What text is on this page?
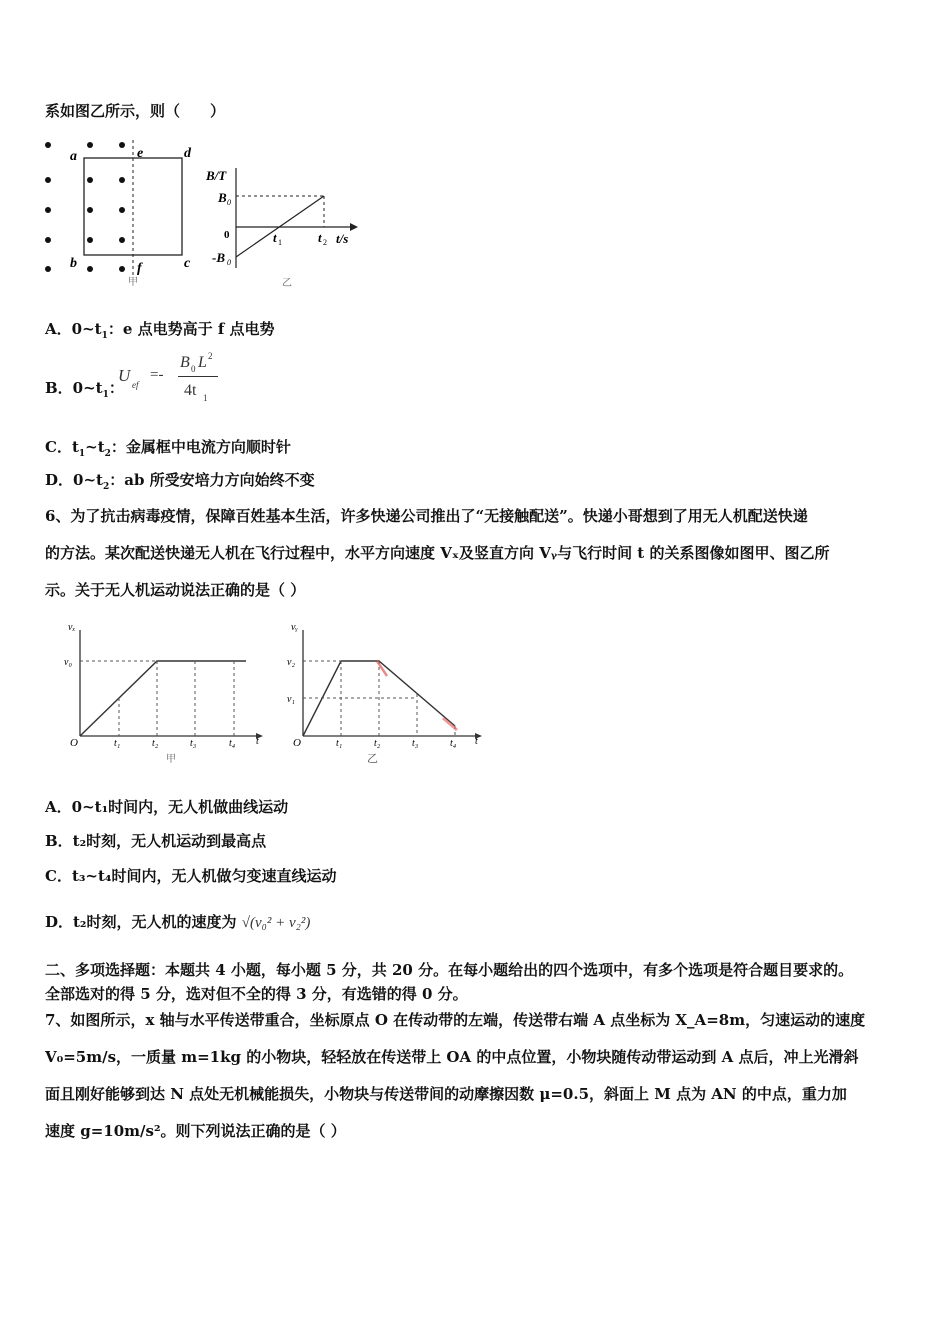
系如图乙所示，则（　　）
a	e	d
b	f	c
甲
B/T
B 0
0
-B 0
t 1	t 2 t/s
乙
A．$0\sim t_1$：e 点电势高于 f 点电势
B．$0\sim t_1$：
U ef
=-
B 0 L 2
4t 1
C．$t_1\sim t_2$：金属框中电流方向顺时针
D．$0\sim t_2$：ab 所受安培力方向始终不变
6、为了抗击病毒疫情，保障百姓基本生活，许多快递公司推出了“无接触配送”。快递小哥想到了用无人机配送快递
的方法。某次配送快递无人机在飞行过程中，水平方向速度 Vₓ及竖直方向 Vᵧ与飞行时间 t 的关系图像如图甲、图乙所
示。关于无人机运动说法正确的是（ ）
vₓ
v₀
O	t₁	t₂	t₃	t₄ t
甲
vᵧ
v₂
v₁
O	t₁	t₂	t₃	t₄ t
乙
A．0~t₁时间内，无人机做曲线运动
B．t₂时刻，无人机运动到最高点
C．t₃~t₄时间内，无人机做匀变速直线运动
D．t₂时刻，无人机的速度为 √(v₀² + v₂²)
二、多项选择题：本题共 4 小题，每小题 5 分，共 20 分。在每小题给出的四个选项中，有多个选项是符合题目要求的。
全部选对的得 5 分，选对但不全的得 3 分，有选错的得 0 分。
7、如图所示，x 轴与水平传送带重合，坐标原点 O 在传动带的左端，传送带右端 A 点坐标为 X_A=8m，匀速运动的速度
V₀=5m/s，一质量 m=1kg 的小物块，轻轻放在传送带上 OA 的中点位置，小物块随传动带运动到 A 点后，冲上光滑斜
面且刚好能够到达 N 点处无机械能损失，小物块与传送带间的动摩擦因数 μ=0.5，斜面上 M 点为 AN 的中点，重力加
速度 g=10m/s²。则下列说法正确的是（ ）
